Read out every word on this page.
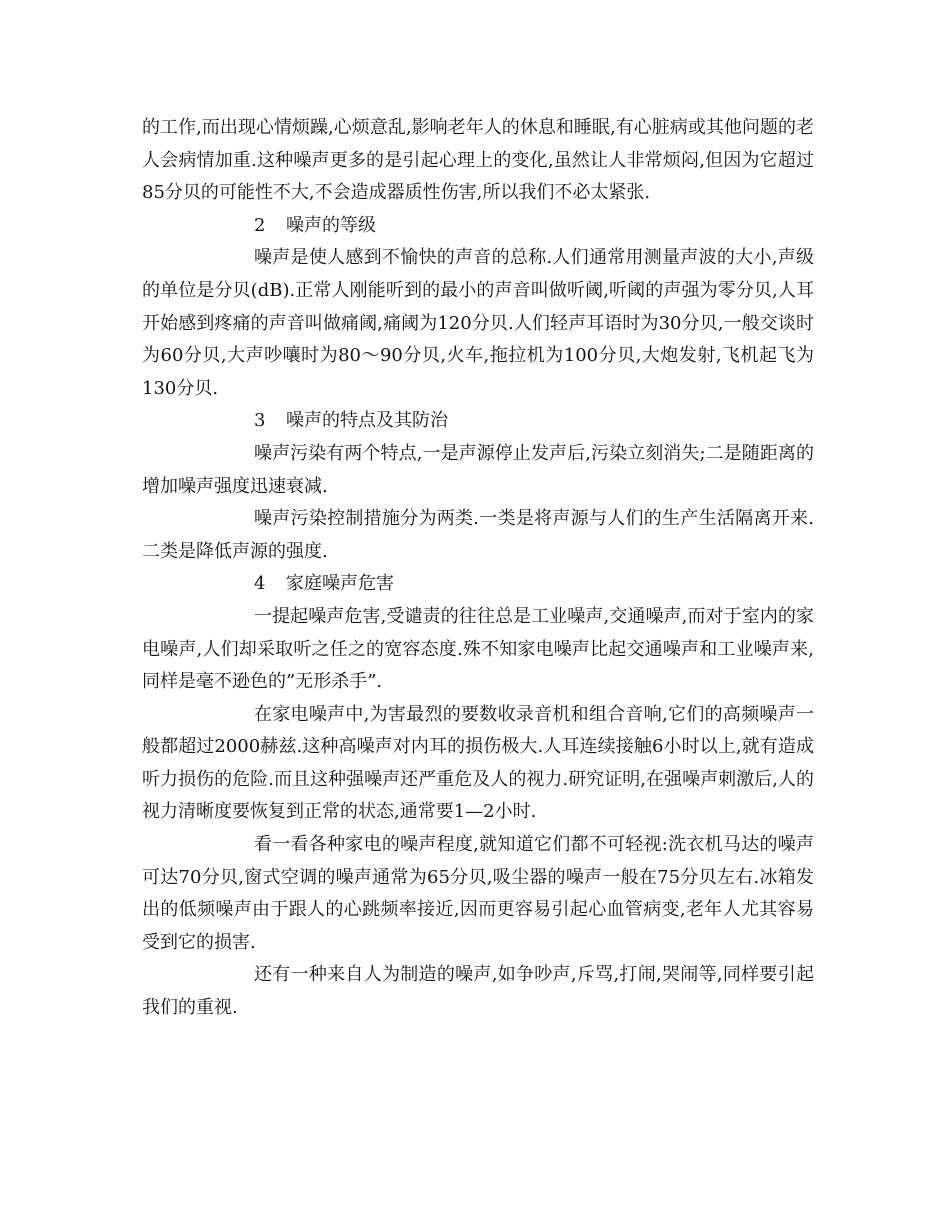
的工作,而出现心情烦躁,心烦意乱,影响老年人的休息和睡眠,有心脏病或其他问题的老人会病情加重.这种噪声更多的是引起心理上的变化,虽然让人非常烦闷,但因为它超过85分贝的可能性不大,不会造成器质性伤害,所以我们不必太紧张.

2 噪声的等级

噪声是使人感到不愉快的声音的总称.人们通常用测量声波的大小,声级的单位是分贝(dB).正常人刚能听到的最小的声音叫做听阈,听阈的声强为零分贝,人耳开始感到疼痛的声音叫做痛阈,痛阈为120分贝.人们轻声耳语时为30分贝,一般交谈时为60分贝,大声吵嚷时为80～90分贝,火车,拖拉机为100分贝,大炮发射,飞机起飞为130分贝.

3 噪声的特点及其防治

噪声污染有两个特点,一是声源停止发声后,污染立刻消失;二是随距离的增加噪声强度迅速衰减.

噪声污染控制措施分为两类.一类是将声源与人们的生产生活隔离开来.二类是降低声源的强度.

4 家庭噪声危害

一提起噪声危害,受谴责的往往总是工业噪声,交通噪声,而对于室内的家电噪声,人们却采取听之任之的宽容态度.殊不知家电噪声比起交通噪声和工业噪声来,同样是毫不逊色的”无形杀手”.

在家电噪声中,为害最烈的要数收录音机和组合音响,它们的高频噪声一般都超过2000赫兹.这种高噪声对内耳的损伤极大.人耳连续接触6小时以上,就有造成听力损伤的危险.而且这种强噪声还严重危及人的视力.研究证明,在强噪声刺激后,人的视力清晰度要恢复到正常的状态,通常要1—2小时.

看一看各种家电的噪声程度,就知道它们都不可轻视:洗衣机马达的噪声可达70分贝,窗式空调的噪声通常为65分贝,吸尘器的噪声一般在75分贝左右.冰箱发出的低频噪声由于跟人的心跳频率接近,因而更容易引起心血管病变,老年人尤其容易受到它的损害.

还有一种来自人为制造的噪声,如争吵声,斥骂,打闹,哭闹等,同样要引起我们的重视.
